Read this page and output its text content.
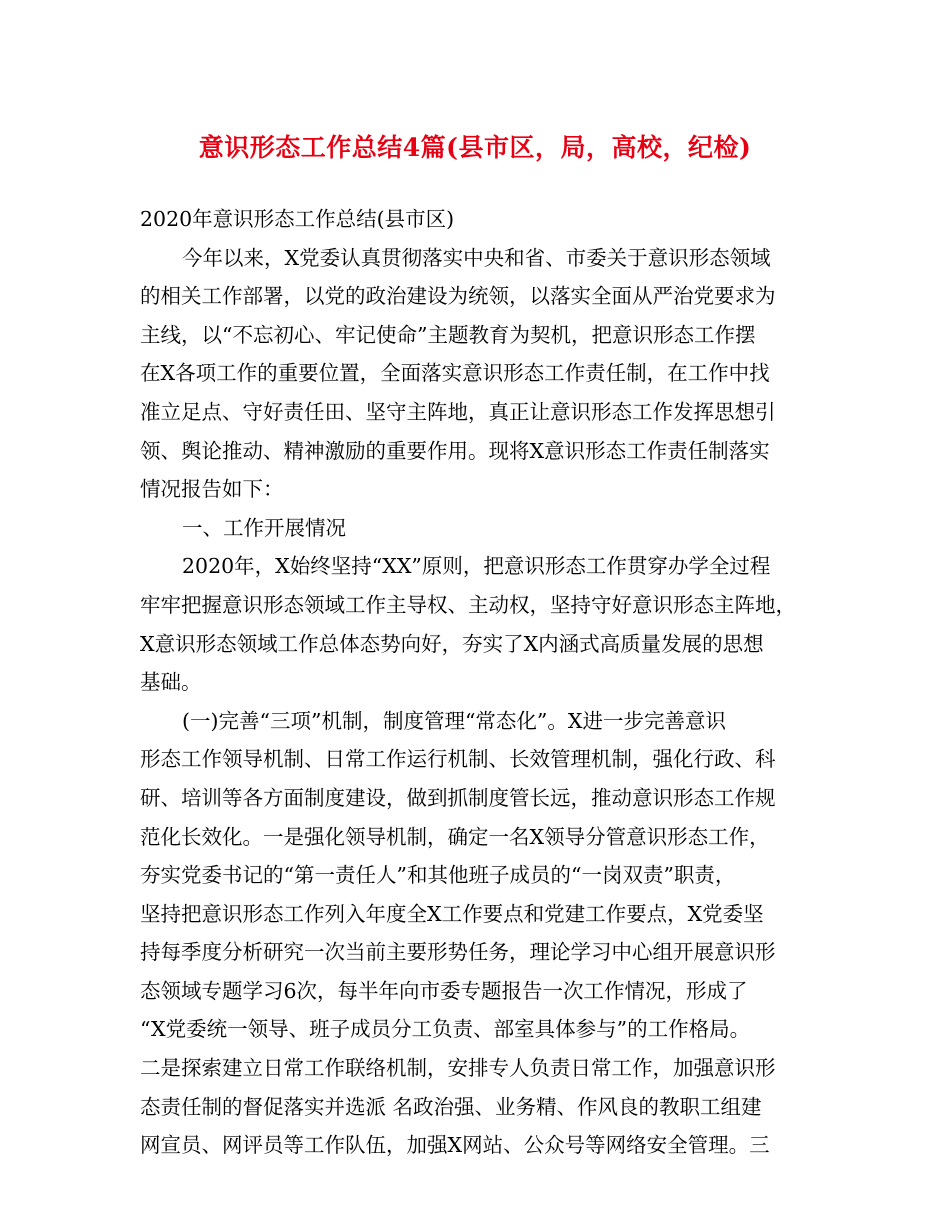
意识形态工作总结4篇(县市区，局，高校，纪检)

2020年意识形态工作总结(县市区)

今年以来，X党委认真贯彻落实中央和省、市委关于意识形态领域
的相关工作部署，以党的政治建设为统领，以落实全面从严治党要求为
主线，以“不忘初心、牢记使命”主题教育为契机，把意识形态工作摆
在X各项工作的重要位置，全面落实意识形态工作责任制，在工作中找
准立足点、守好责任田、坚守主阵地，真正让意识形态工作发挥思想引
领、舆论推动、精神激励的重要作用。现将X意识形态工作责任制落实
情况报告如下：

一、工作开展情况

2020年，X始终坚持“XX”原则，把意识形态工作贯穿办学全过程
牢牢把握意识形态领域工作主导权、主动权，坚持守好意识形态主阵地，
X意识形态领域工作总体态势向好，夯实了X内涵式高质量发展的思想
基础。

(一)完善“三项”机制，制度管理“常态化”。X进一步完善意识
形态工作领导机制、日常工作运行机制、长效管理机制，强化行政、科
研、培训等各方面制度建设，做到抓制度管长远，推动意识形态工作规
范化长效化。一是强化领导机制，确定一名X领导分管意识形态工作，
夯实党委书记的“第一责任人”和其他班子成员的“一岗双责”职责，
坚持把意识形态工作列入年度全X工作要点和党建工作要点，X党委坚
持每季度分析研究一次当前主要形势任务，理论学习中心组开展意识形
态领域专题学习6次，每半年向市委专题报告一次工作情况，形成了
“X党委统一领导、班子成员分工负责、部室具体参与”的工作格局。
二是探索建立日常工作联络机制，安排专人负责日常工作，加强意识形
态责任制的督促落实并选派 名政治强、业务精、作风良的教职工组建
网宣员、网评员等工作队伍，加强X网站、公众号等网络安全管理。三
